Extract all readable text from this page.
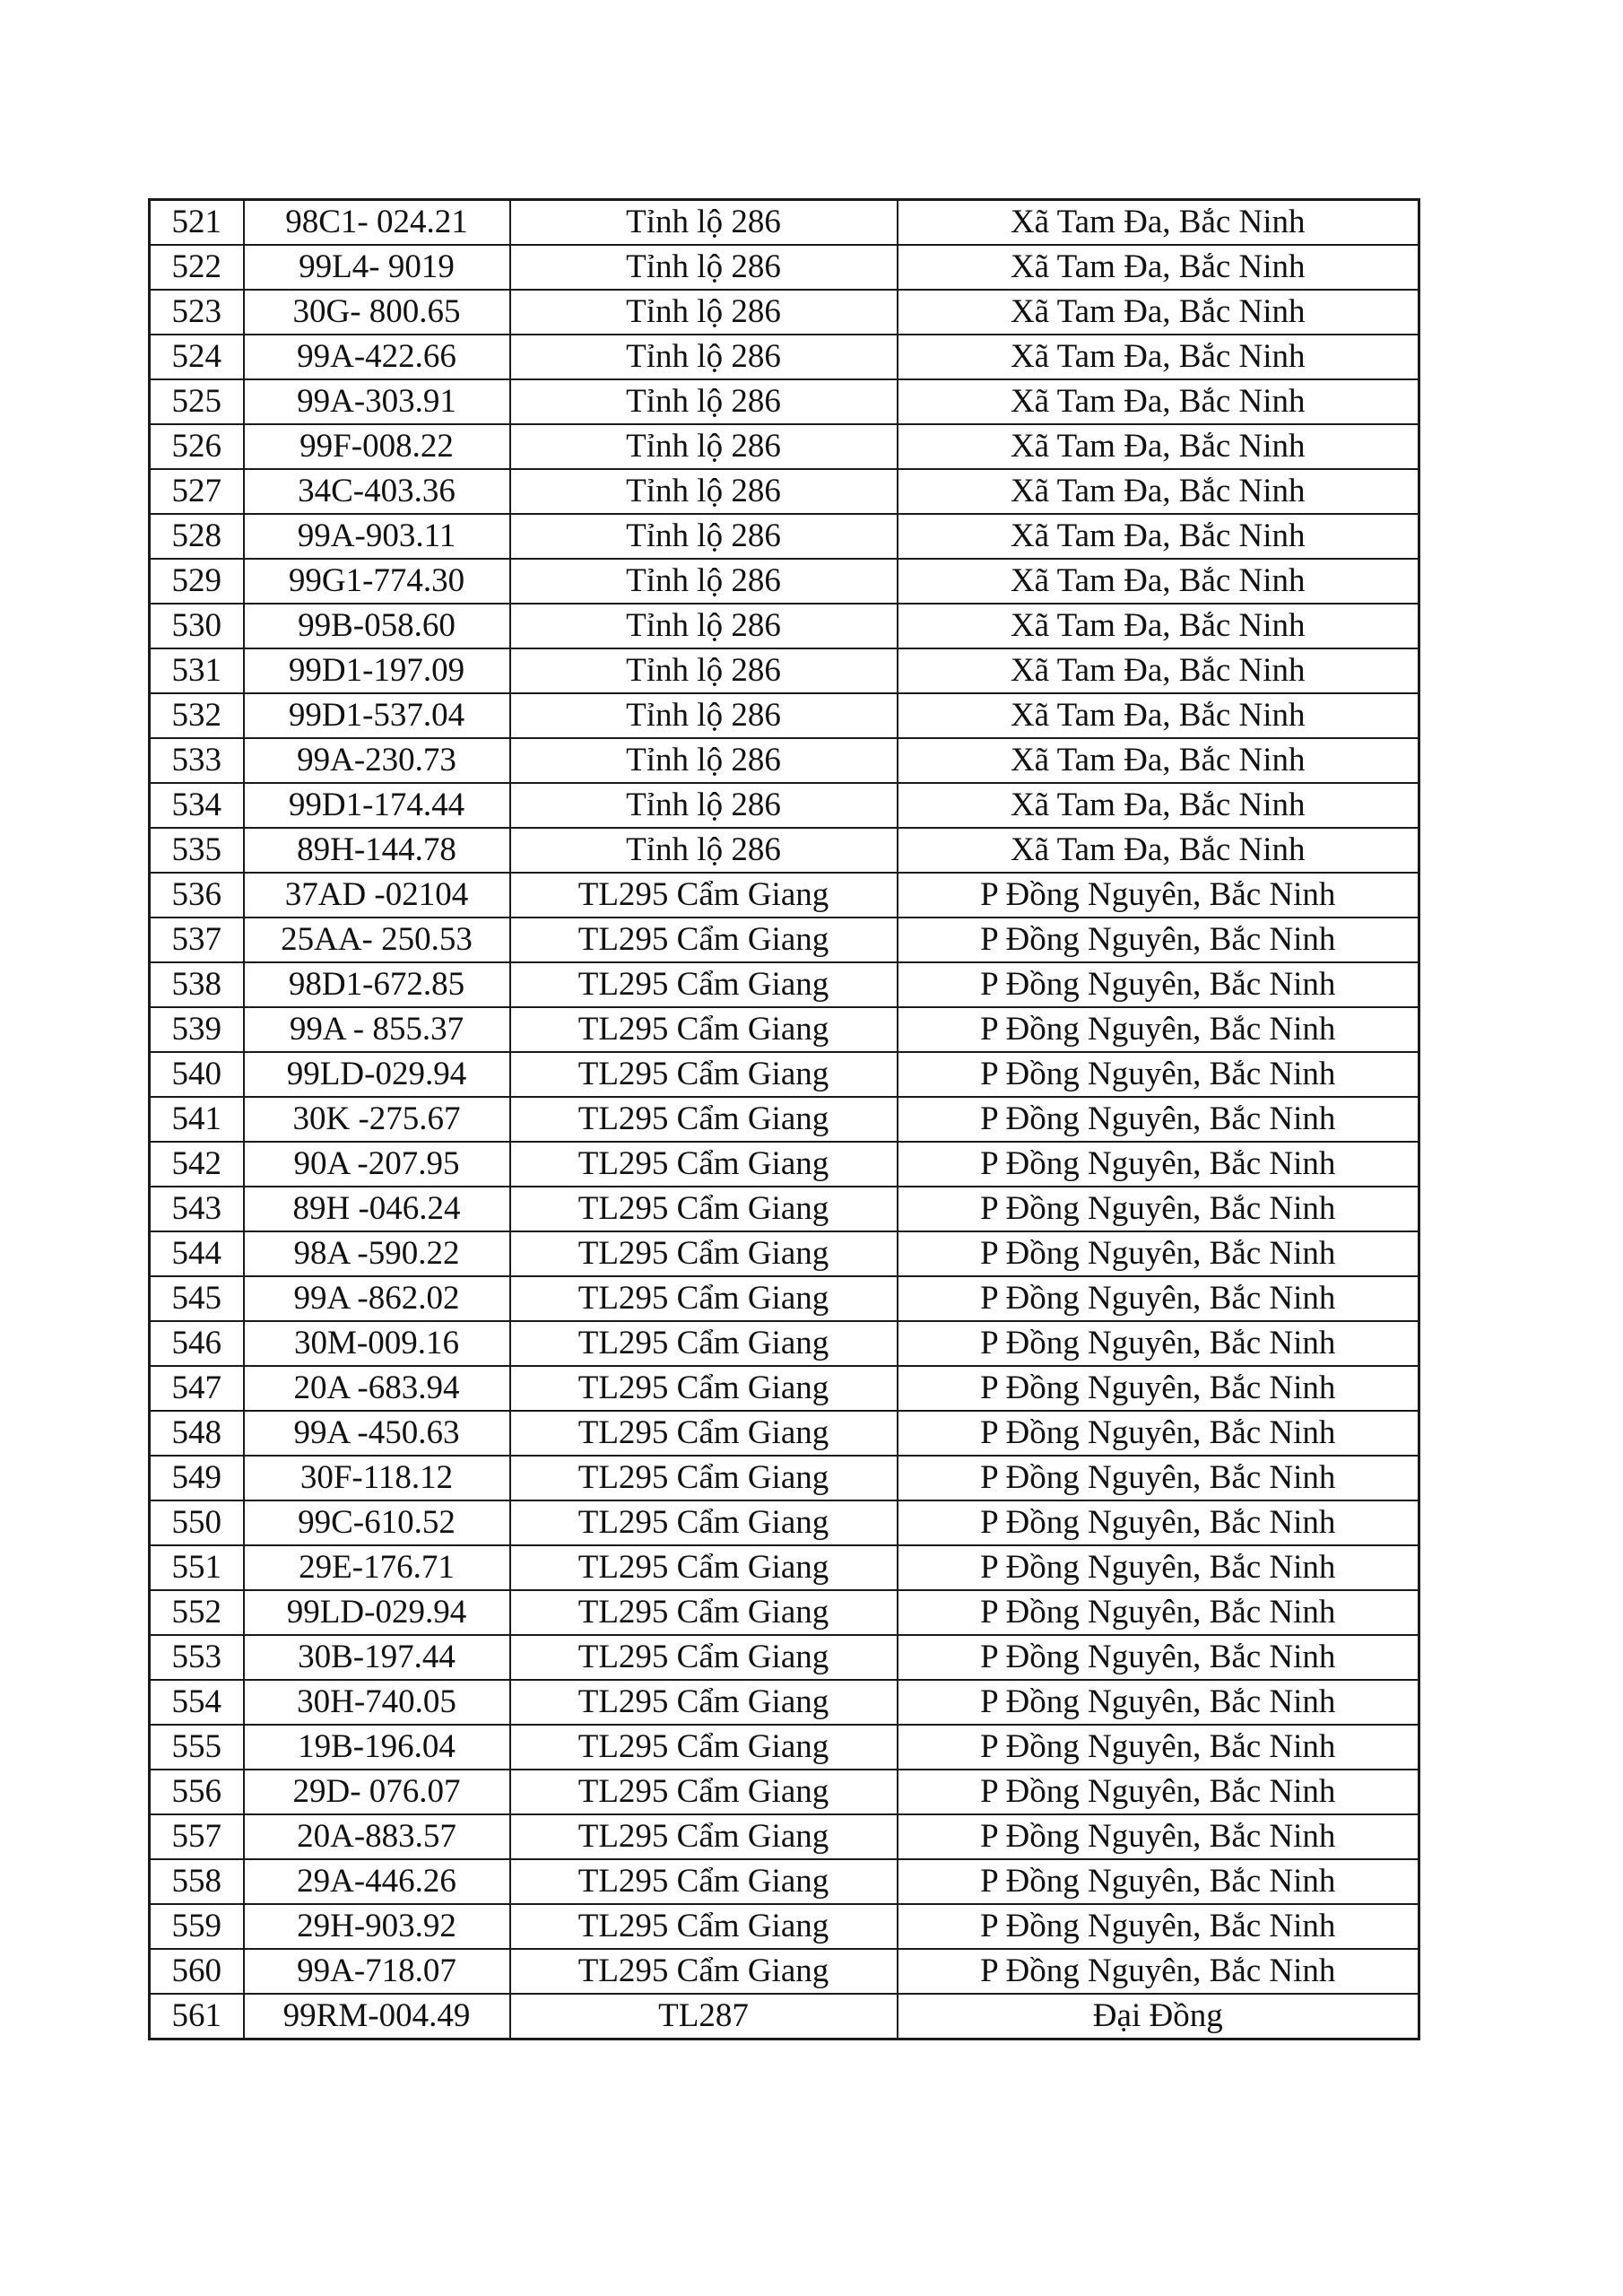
521	98C1- 024.21	Tỉnh lộ 286	Xã Tam Đa, Bắc Ninh
522	99L4- 9019	Tỉnh lộ 286	Xã Tam Đa, Bắc Ninh
523	30G- 800.65	Tỉnh lộ 286	Xã Tam Đa, Bắc Ninh
524	99A-422.66	Tỉnh lộ 286	Xã Tam Đa, Bắc Ninh
525	99A-303.91	Tỉnh lộ 286	Xã Tam Đa, Bắc Ninh
526	99F-008.22	Tỉnh lộ 286	Xã Tam Đa, Bắc Ninh
527	34C-403.36	Tỉnh lộ 286	Xã Tam Đa, Bắc Ninh
528	99A-903.11	Tỉnh lộ 286	Xã Tam Đa, Bắc Ninh
529	99G1-774.30	Tỉnh lộ 286	Xã Tam Đa, Bắc Ninh
530	99B-058.60	Tỉnh lộ 286	Xã Tam Đa, Bắc Ninh
531	99D1-197.09	Tỉnh lộ 286	Xã Tam Đa, Bắc Ninh
532	99D1-537.04	Tỉnh lộ 286	Xã Tam Đa, Bắc Ninh
533	99A-230.73	Tỉnh lộ 286	Xã Tam Đa, Bắc Ninh
534	99D1-174.44	Tỉnh lộ 286	Xã Tam Đa, Bắc Ninh
535	89H-144.78	Tỉnh lộ 286	Xã Tam Đa, Bắc Ninh
536	37AD -02104	TL295 Cẩm Giang	P Đồng Nguyên, Bắc Ninh
537	25AA- 250.53	TL295 Cẩm Giang	P Đồng Nguyên, Bắc Ninh
538	98D1-672.85	TL295 Cẩm Giang	P Đồng Nguyên, Bắc Ninh
539	99A - 855.37	TL295 Cẩm Giang	P Đồng Nguyên, Bắc Ninh
540	99LD-029.94	TL295 Cẩm Giang	P Đồng Nguyên, Bắc Ninh
541	30K -275.67	TL295 Cẩm Giang	P Đồng Nguyên, Bắc Ninh
542	90A -207.95	TL295 Cẩm Giang	P Đồng Nguyên, Bắc Ninh
543	89H -046.24	TL295 Cẩm Giang	P Đồng Nguyên, Bắc Ninh
544	98A -590.22	TL295 Cẩm Giang	P Đồng Nguyên, Bắc Ninh
545	99A -862.02	TL295 Cẩm Giang	P Đồng Nguyên, Bắc Ninh
546	30M-009.16	TL295 Cẩm Giang	P Đồng Nguyên, Bắc Ninh
547	20A -683.94	TL295 Cẩm Giang	P Đồng Nguyên, Bắc Ninh
548	99A -450.63	TL295 Cẩm Giang	P Đồng Nguyên, Bắc Ninh
549	30F-118.12	TL295 Cẩm Giang	P Đồng Nguyên, Bắc Ninh
550	99C-610.52	TL295 Cẩm Giang	P Đồng Nguyên, Bắc Ninh
551	29E-176.71	TL295 Cẩm Giang	P Đồng Nguyên, Bắc Ninh
552	99LD-029.94	TL295 Cẩm Giang	P Đồng Nguyên, Bắc Ninh
553	30B-197.44	TL295 Cẩm Giang	P Đồng Nguyên, Bắc Ninh
554	30H-740.05	TL295 Cẩm Giang	P Đồng Nguyên, Bắc Ninh
555	19B-196.04	TL295 Cẩm Giang	P Đồng Nguyên, Bắc Ninh
556	29D- 076.07	TL295 Cẩm Giang	P Đồng Nguyên, Bắc Ninh
557	20A-883.57	TL295 Cẩm Giang	P Đồng Nguyên, Bắc Ninh
558	29A-446.26	TL295 Cẩm Giang	P Đồng Nguyên, Bắc Ninh
559	29H-903.92	TL295 Cẩm Giang	P Đồng Nguyên, Bắc Ninh
560	99A-718.07	TL295 Cẩm Giang	P Đồng Nguyên, Bắc Ninh
561	99RM-004.49	TL287	Đại Đồng
